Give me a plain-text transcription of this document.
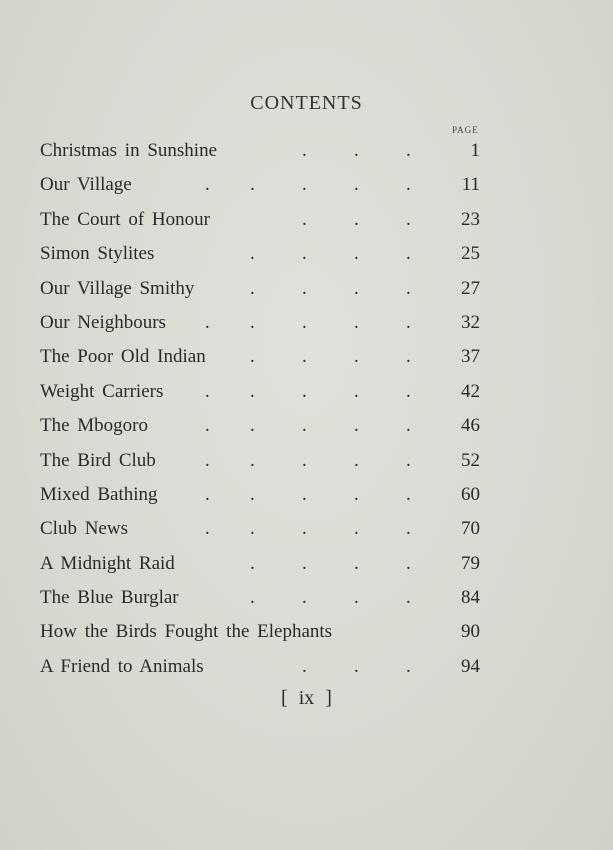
CONTENTS
PAGE
Christmas in Sunshine	. . .	1
Our Village	. . . . .	11
The Court of Honour	. . .	23
Simon Stylites	. . . .	25
Our Village Smithy	. . . .	27
Our Neighbours . . . . .	32
The Poor Old Indian . . . .	37
Weight Carriers . . . . .	42
The Mbogoro	. . . . .	46
The Bird Club	. . . . .	52
Mixed Bathing . . . . .	60
Club News	. . . . .	70
A Midnight Raid	. . . .	79
The Blue Burglar	. . . .	84
How the Birds Fought the Elephants	90
A Friend to Animals	. . .	94
[ ix ]
